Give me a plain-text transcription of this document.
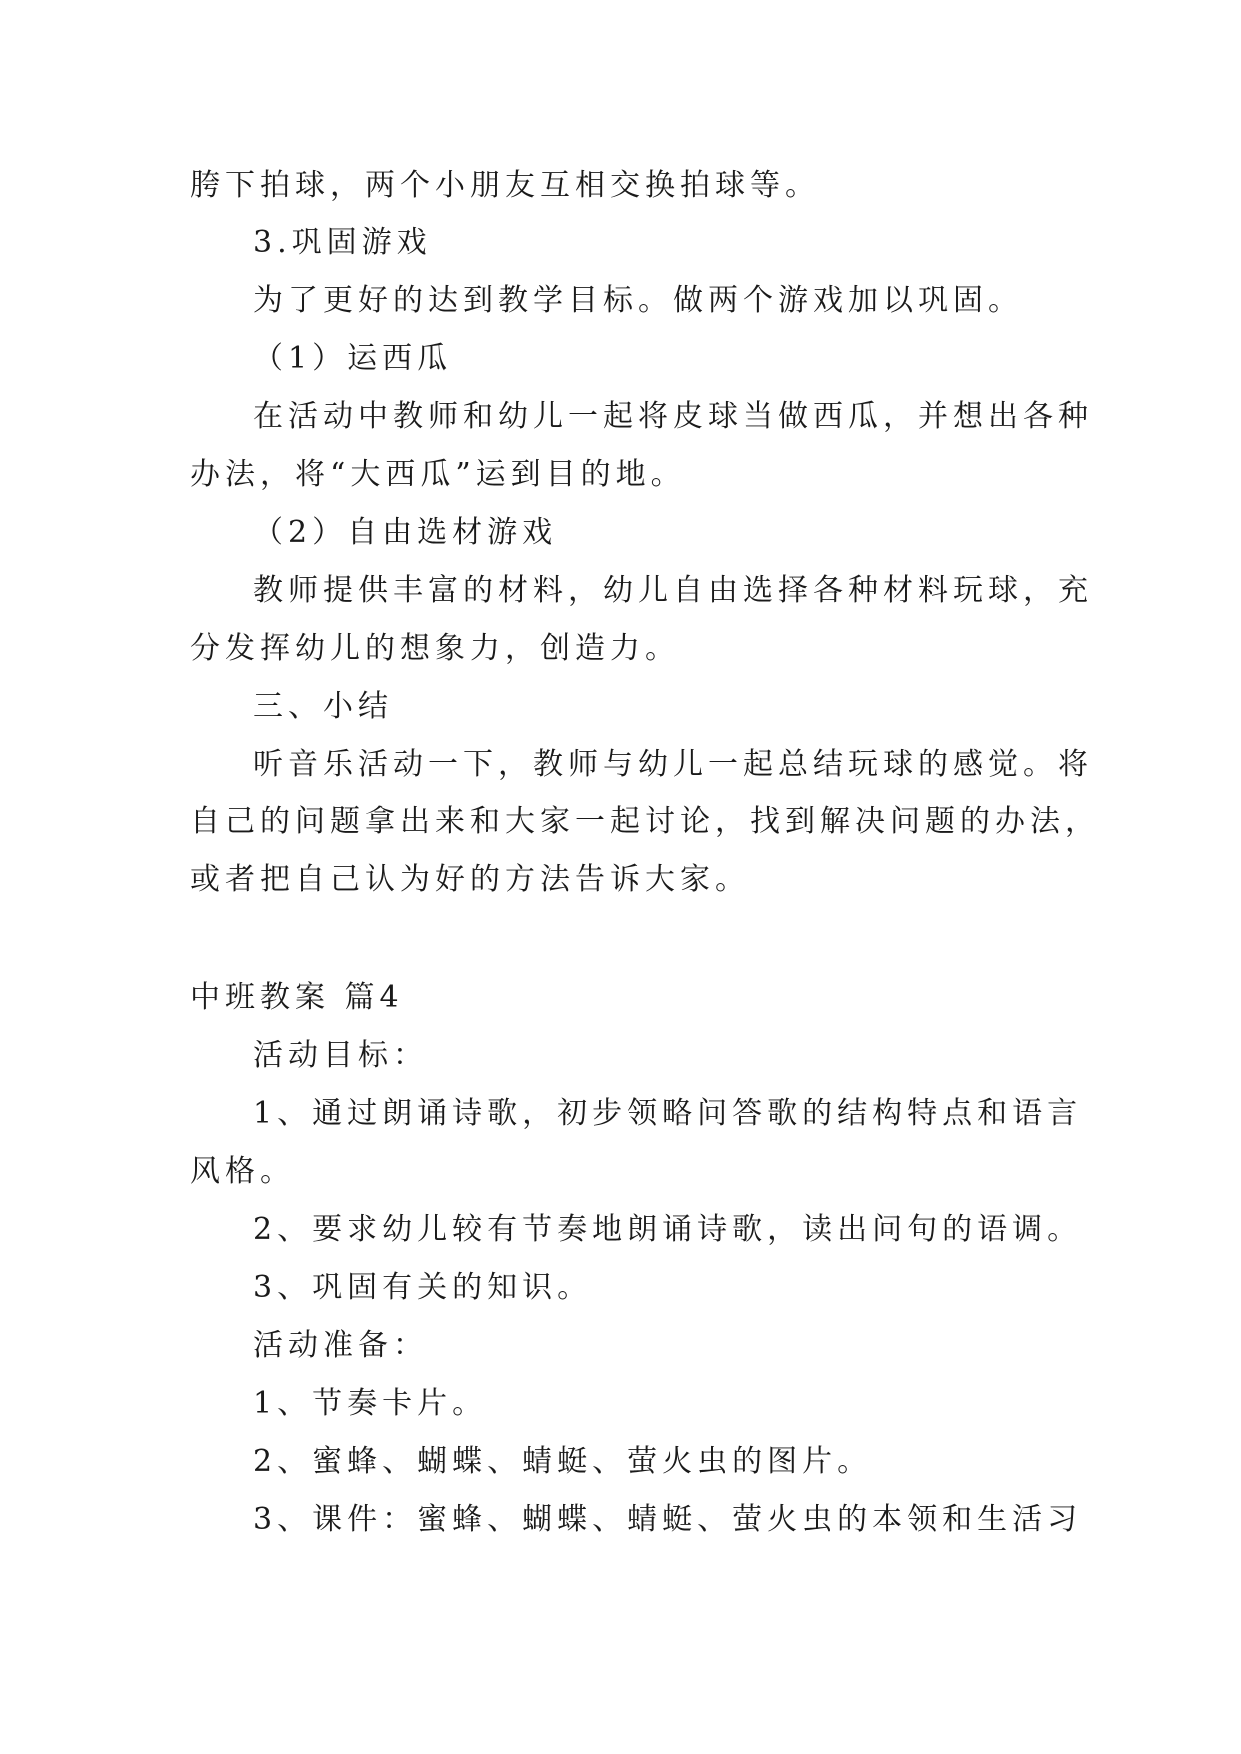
胯下拍球，两个小朋友互相交换拍球等。
3.巩固游戏
为了更好的达到教学目标。做两个游戏加以巩固。
（1）运西瓜
在活动中教师和幼儿一起将皮球当做西瓜，并想出各种
办法，将“大西瓜”运到目的地。
（2）自由选材游戏
教师提供丰富的材料，幼儿自由选择各种材料玩球，充
分发挥幼儿的想象力，创造力。
三、小结
听音乐活动一下，教师与幼儿一起总结玩球的感觉。将
自己的问题拿出来和大家一起讨论，找到解决问题的办法，
或者把自己认为好的方法告诉大家。
中班教案 篇4
活动目标：
1、通过朗诵诗歌，初步领略问答歌的结构特点和语言
风格。
2、要求幼儿较有节奏地朗诵诗歌，读出问句的语调。
3、巩固有关的知识。
活动准备：
1、节奏卡片。
2、蜜蜂、蝴蝶、蜻蜓、萤火虫的图片。
3、课件：蜜蜂、蝴蝶、蜻蜓、萤火虫的本领和生活习
